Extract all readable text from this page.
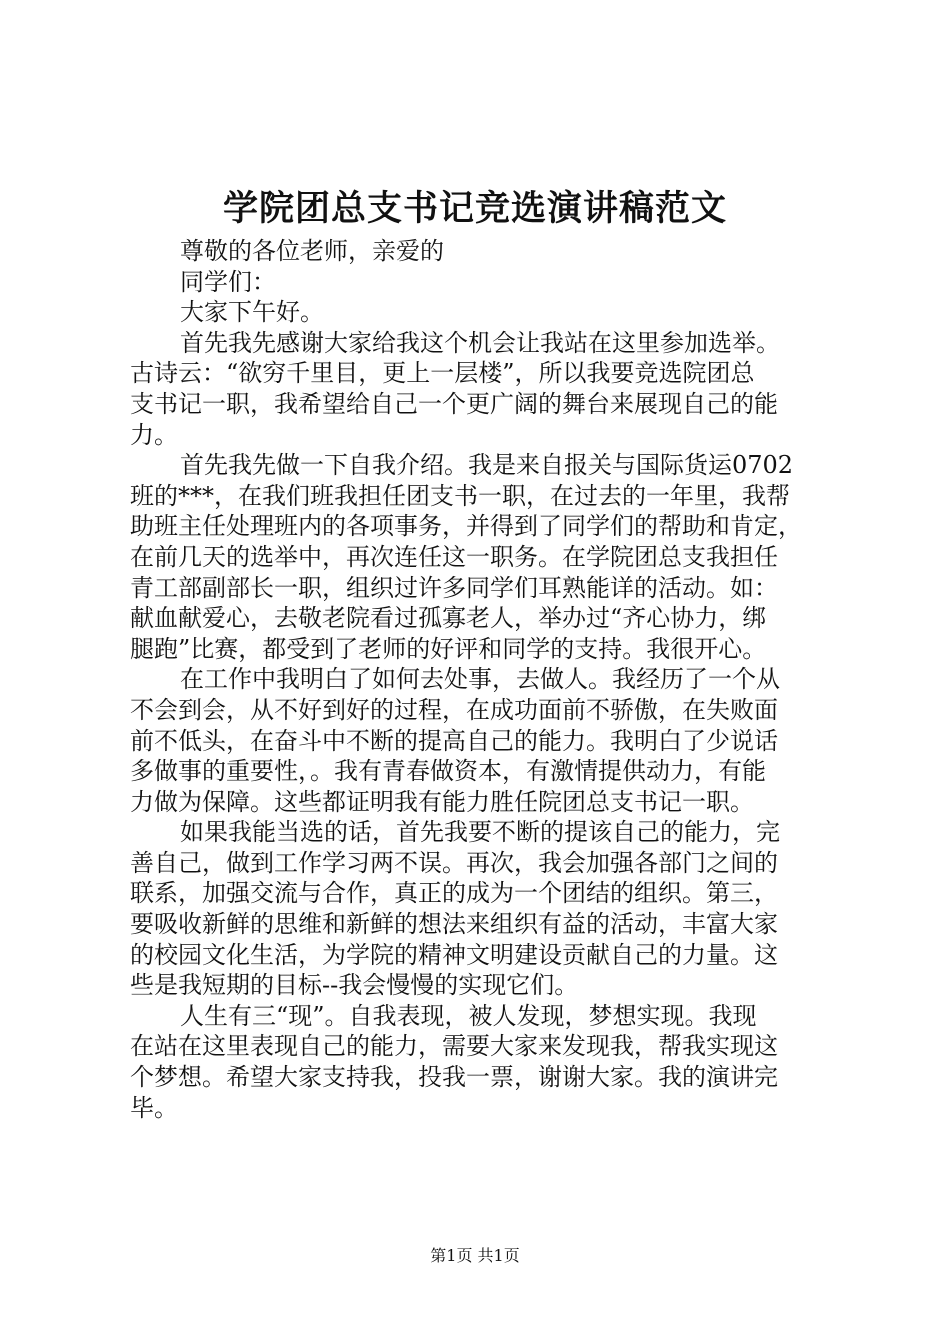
学院团总支书记竞选演讲稿范文
尊敬的各位老师，亲爱的
同学们：
大家下午好。
首先我先感谢大家给我这个机会让我站在这里参加选举。
古诗云：“欲穷千里目，更上一层楼”，所以我要竞选院团总
支书记一职，我希望给自己一个更广阔的舞台来展现自己的能
力。
首先我先做一下自我介绍。我是来自报关与国际货运0702
班的***，在我们班我担任团支书一职，在过去的一年里，我帮
助班主任处理班内的各项事务，并得到了同学们的帮助和肯定，
在前几天的选举中，再次连任这一职务。在学院团总支我担任
青工部副部长一职，组织过许多同学们耳熟能详的活动。如：
献血献爱心，去敬老院看过孤寡老人，举办过“齐心协力，绑
腿跑”比赛，都受到了老师的好评和同学的支持。我很开心。
在工作中我明白了如何去处事，去做人。我经历了一个从
不会到会，从不好到好的过程，在成功面前不骄傲，在失败面
前不低头，在奋斗中不断的提高自己的能力。我明白了少说话
多做事的重要性，。我有青春做资本，有激情提供动力，有能
力做为保障。这些都证明我有能力胜任院团总支书记一职。
如果我能当选的话，首先我要不断的提该自己的能力，完
善自己，做到工作学习两不误。再次，我会加强各部门之间的
联系，加强交流与合作，真正的成为一个团结的组织。第三，
要吸收新鲜的思维和新鲜的想法来组织有益的活动，丰富大家
的校园文化生活，为学院的精神文明建设贡献自己的力量。这
些是我短期的目标--我会慢慢的实现它们。
人生有三“现”。自我表现，被人发现，梦想实现。我现
在站在这里表现自己的能力，需要大家来发现我，帮我实现这
个梦想。希望大家支持我，投我一票，谢谢大家。我的演讲完
毕。
第1页 共1页
